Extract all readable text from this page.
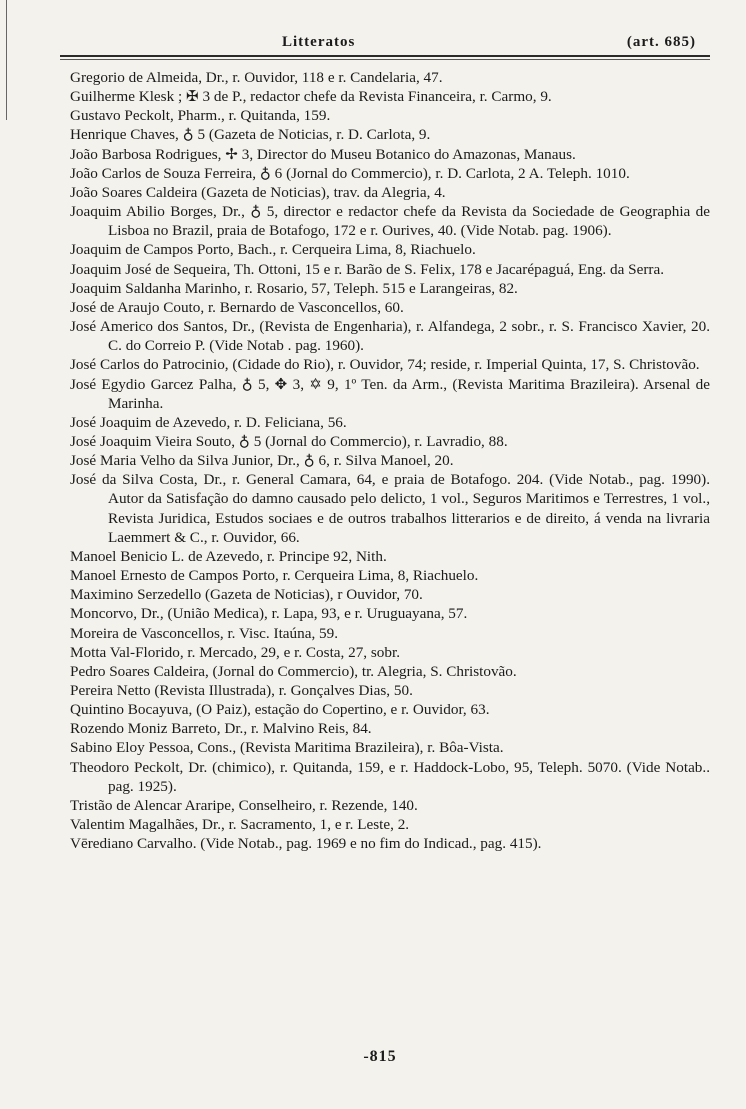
Litteratos	(art. 685)

Gregorio de Almeida, Dr., r. Ouvidor, 118 e r. Candelaria, 47.

Guilherme Klesk ; ✠ 3 de P., redactor chefe da Revista Financeira, r. Carmo, 9.

Gustavo Peckolt, Pharm., r. Quitanda, 159.

Henrique Chaves, ♁ 5 (Gazeta de Noticias, r. D. Carlota, 9.

João Barbosa Rodrigues, ✢ 3, Director do Museu Botanico do Amazonas, Manaus.

João Carlos de Souza Ferreira, ♁ 6 (Jornal do Commercio), r. D. Carlota, 2 A. Teleph. 1010.

João Soares Caldeira (Gazeta de Noticias), trav. da Alegria, 4.

Joaquim Abilio Borges, Dr., ♁ 5, director e redactor chefe da Revista da Sociedade de Geographia de Lisboa no Brazil, praia de Botafogo, 172 e r. Ourives, 40. (Vide Notab. pag. 1906).

Joaquim de Campos Porto, Bach., r. Cerqueira Lima, 8, Riachuelo.

Joaquim José de Sequeira, Th. Ottoni, 15 e r. Barão de S. Felix, 178 e Jacarépaguá, Eng. da Serra.

Joaquim Saldanha Marinho, r. Rosario, 57, Teleph. 515 e Larangeiras, 82.

José de Araujo Couto, r. Bernardo de Vasconcellos, 60.

José Americo dos Santos, Dr., (Revista de Engenharia), r. Alfandega, 2 sobr., r. S. Francisco Xavier, 20. C. do Correio P. (Vide Notab . pag. 1960).

José Carlos do Patrocinio, (Cidade do Rio), r. Ouvidor, 74; reside, r. Imperial Quinta, 17, S. Christovão.

José Egydio Garcez Palha, ♁ 5, ✥ 3, ✡ 9, 1º Ten. da Arm., (Revista Maritima Brazileira). Arsenal de Marinha.

José Joaquim de Azevedo, r. D. Feliciana, 56.

José Joaquim Vieira Souto, ♁ 5 (Jornal do Commercio), r. Lavradio, 88.

José Maria Velho da Silva Junior, Dr., ♁ 6, r. Silva Manoel, 20.

José da Silva Costa, Dr., r. General Camara, 64, e praia de Botafogo. 204. (Vide Notab., pag. 1990). Autor da Satisfação do damno causado pelo delicto, 1 vol., Seguros Maritimos e Terrestres, 1 vol., Revista Juridica, Estudos sociaes e de outros trabalhos litterarios e de direito, á venda na livraria Laemmert & C., r. Ouvidor, 66.

Manoel Benicio L. de Azevedo, r. Principe 92, Nith.

Manoel Ernesto de Campos Porto, r. Cerqueira Lima, 8, Riachuelo.

Maximino Serzedello (Gazeta de Noticias), r Ouvidor, 70.

Moncorvo, Dr., (União Medica), r. Lapa, 93, e r. Uruguayana, 57.

Moreira de Vasconcellos, r. Visc. Itaúna, 59.

Motta Val-Florido, r. Mercado, 29, e r. Costa, 27, sobr.

Pedro Soares Caldeira, (Jornal do Commercio), tr. Alegria, S. Christovão.

Pereira Netto (Revista Illustrada), r. Gonçalves Dias, 50.

Quintino Bocayuva, (O Paiz), estação do Copertino, e r. Ouvidor, 63.

Rozendo Moniz Barreto, Dr., r. Malvino Reis, 84.

Sabino Eloy Pessoa, Cons., (Revista Maritima Brazileira), r. Bôa-Vista.

Theodoro Peckolt, Dr. (chimico), r. Quitanda, 159, e r. Haddock-Lobo, 95, Teleph. 5070. (Vide Notab.. pag. 1925).

Tristão de Alencar Araripe, Conselheiro, r. Rezende, 140.

Valentim Magalhães, Dr., r. Sacramento, 1, e r. Leste, 2.

Vērediano Carvalho. (Vide Notab., pag. 1969 e no fim do Indicad., pag. 415).

-815
